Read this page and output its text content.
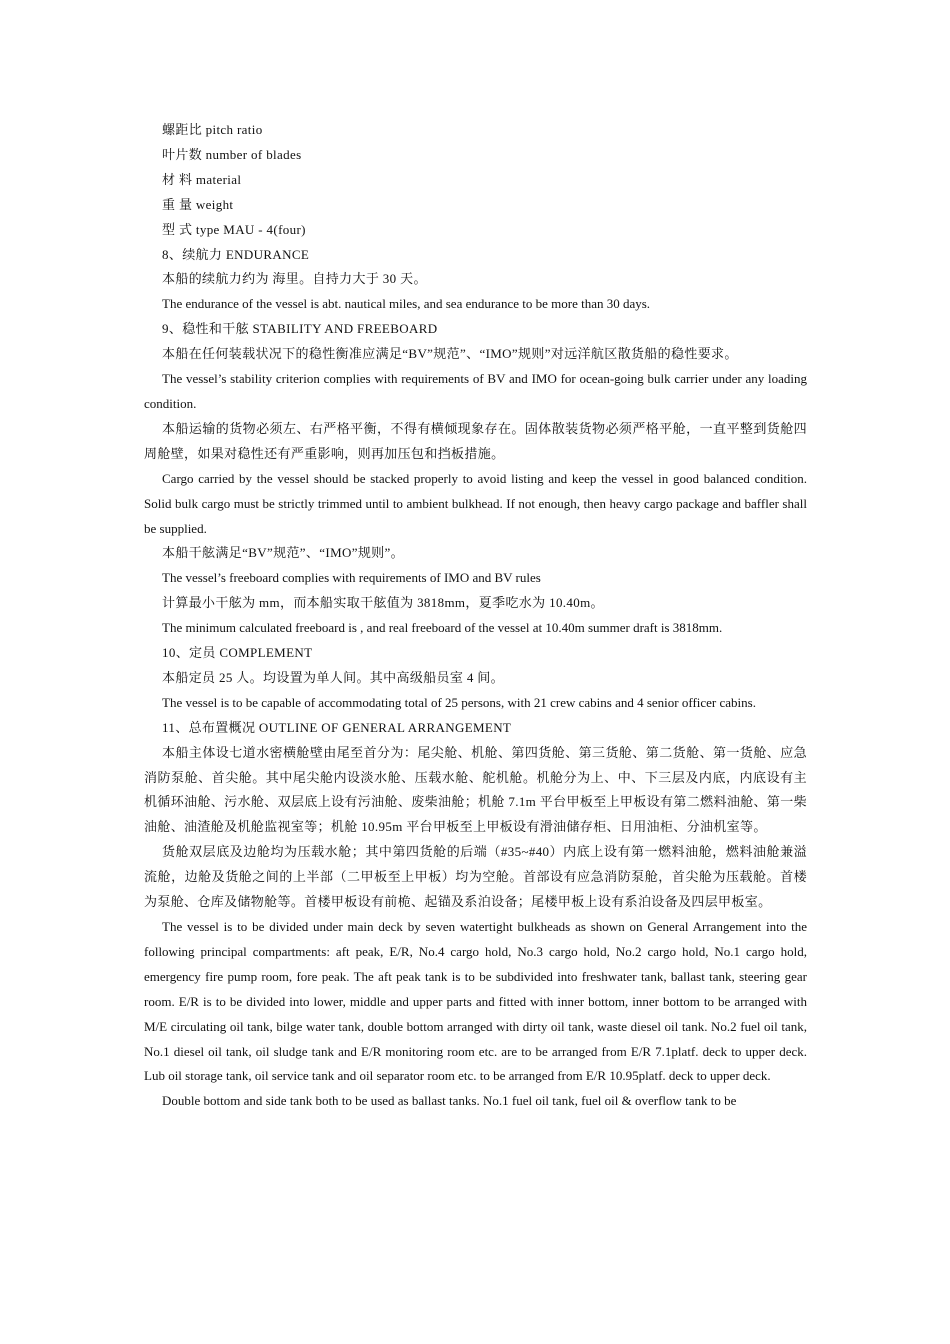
螺距比 pitch ratio

叶片数 number of blades

材 料 material

重 量 weight

型 式 type MAU - 4(four)

8、续航力 ENDURANCE

本船的续航力约为 海里。自持力大于 30 天。

The endurance of the vessel is abt. nautical miles, and sea endurance to be more than 30 days.

9、稳性和干舷 STABILITY AND FREEBOARD

本船在任何装载状况下的稳性衡准应满足“BV”规范”、“IMO”规则”对远洋航区散货船的稳性要求。

The vessel’s stability criterion complies with requirements of BV and IMO for ocean-going bulk carrier under any loading condition.

本船运输的货物必须左、右严格平衡，不得有横倾现象存在。固体散装货物必须严格平舱，一直平整到货舱四周舱壁，如果对稳性还有严重影响，则再加压包和挡板措施。

Cargo carried by the vessel should be stacked properly to avoid listing and keep the vessel in good balanced condition. Solid bulk cargo must be strictly trimmed until to ambient bulkhead. If not enough, then heavy cargo package and baffler shall be supplied.

本船干舷满足“BV”规范”、“IMO”规则”。

The vessel’s freeboard complies with requirements of IMO and BV rules

计算最小干舷为 mm，而本船实取干舷值为 3818mm，夏季吃水为 10.40m。

The minimum calculated freeboard is , and real freeboard of the vessel at 10.40m summer draft is 3818mm.

10、定员 COMPLEMENT

本船定员 25 人。均设置为单人间。其中高级船员室 4 间。

The vessel is to be capable of accommodating total of 25 persons, with 21 crew cabins and 4 senior officer cabins.

11、总布置概况 OUTLINE OF GENERAL ARRANGEMENT

本船主体设七道水密横舱壁由尾至首分为：尾尖舱、机舱、第四货舱、第三货舱、第二货舱、第一货舱、应急消防泵舱、首尖舱。其中尾尖舱内设淡水舱、压载水舱、舵机舱。机舱分为上、中、下三层及内底，内底设有主机循环油舱、污水舱、双层底上设有污油舱、废柴油舱；机舱 7.1m 平台甲板至上甲板设有第二燃料油舱、第一柴油舱、油渣舱及机舱监视室等；机舱 10.95m 平台甲板至上甲板设有滑油储存柜、日用油柜、分油机室等。

货舱双层底及边舱均为压载水舱；其中第四货舱的后端（#35~#40）内底上设有第一燃料油舱，燃料油舱兼溢流舱，边舱及货舱之间的上半部（二甲板至上甲板）均为空舱。首部设有应急消防泵舱，首尖舱为压载舱。首楼为泵舱、仓库及储物舱等。首楼甲板设有前桅、起锚及系泊设备；尾楼甲板上设有系泊设备及四层甲板室。

The vessel is to be divided under main deck by seven watertight bulkheads as shown on General Arrangement into the following principal compartments: aft peak, E/R, No.4 cargo hold, No.3 cargo hold, No.2 cargo hold, No.1 cargo hold, emergency fire pump room, fore peak. The aft peak tank is to be subdivided into freshwater tank, ballast tank, steering gear room. E/R is to be divided into lower, middle and upper parts and fitted with inner bottom, inner bottom to be arranged with M/E circulating oil tank, bilge water tank, double bottom arranged with dirty oil tank, waste diesel oil tank. No.2 fuel oil tank, No.1 diesel oil tank, oil sludge tank and E/R monitoring room etc. are to be arranged from E/R 7.1platf. deck to upper deck. Lub oil storage tank, oil service tank and oil separator room etc. to be arranged from E/R 10.95platf. deck to upper deck.

Double bottom and side tank both to be used as ballast tanks. No.1 fuel oil tank, fuel oil & overflow tank to be
